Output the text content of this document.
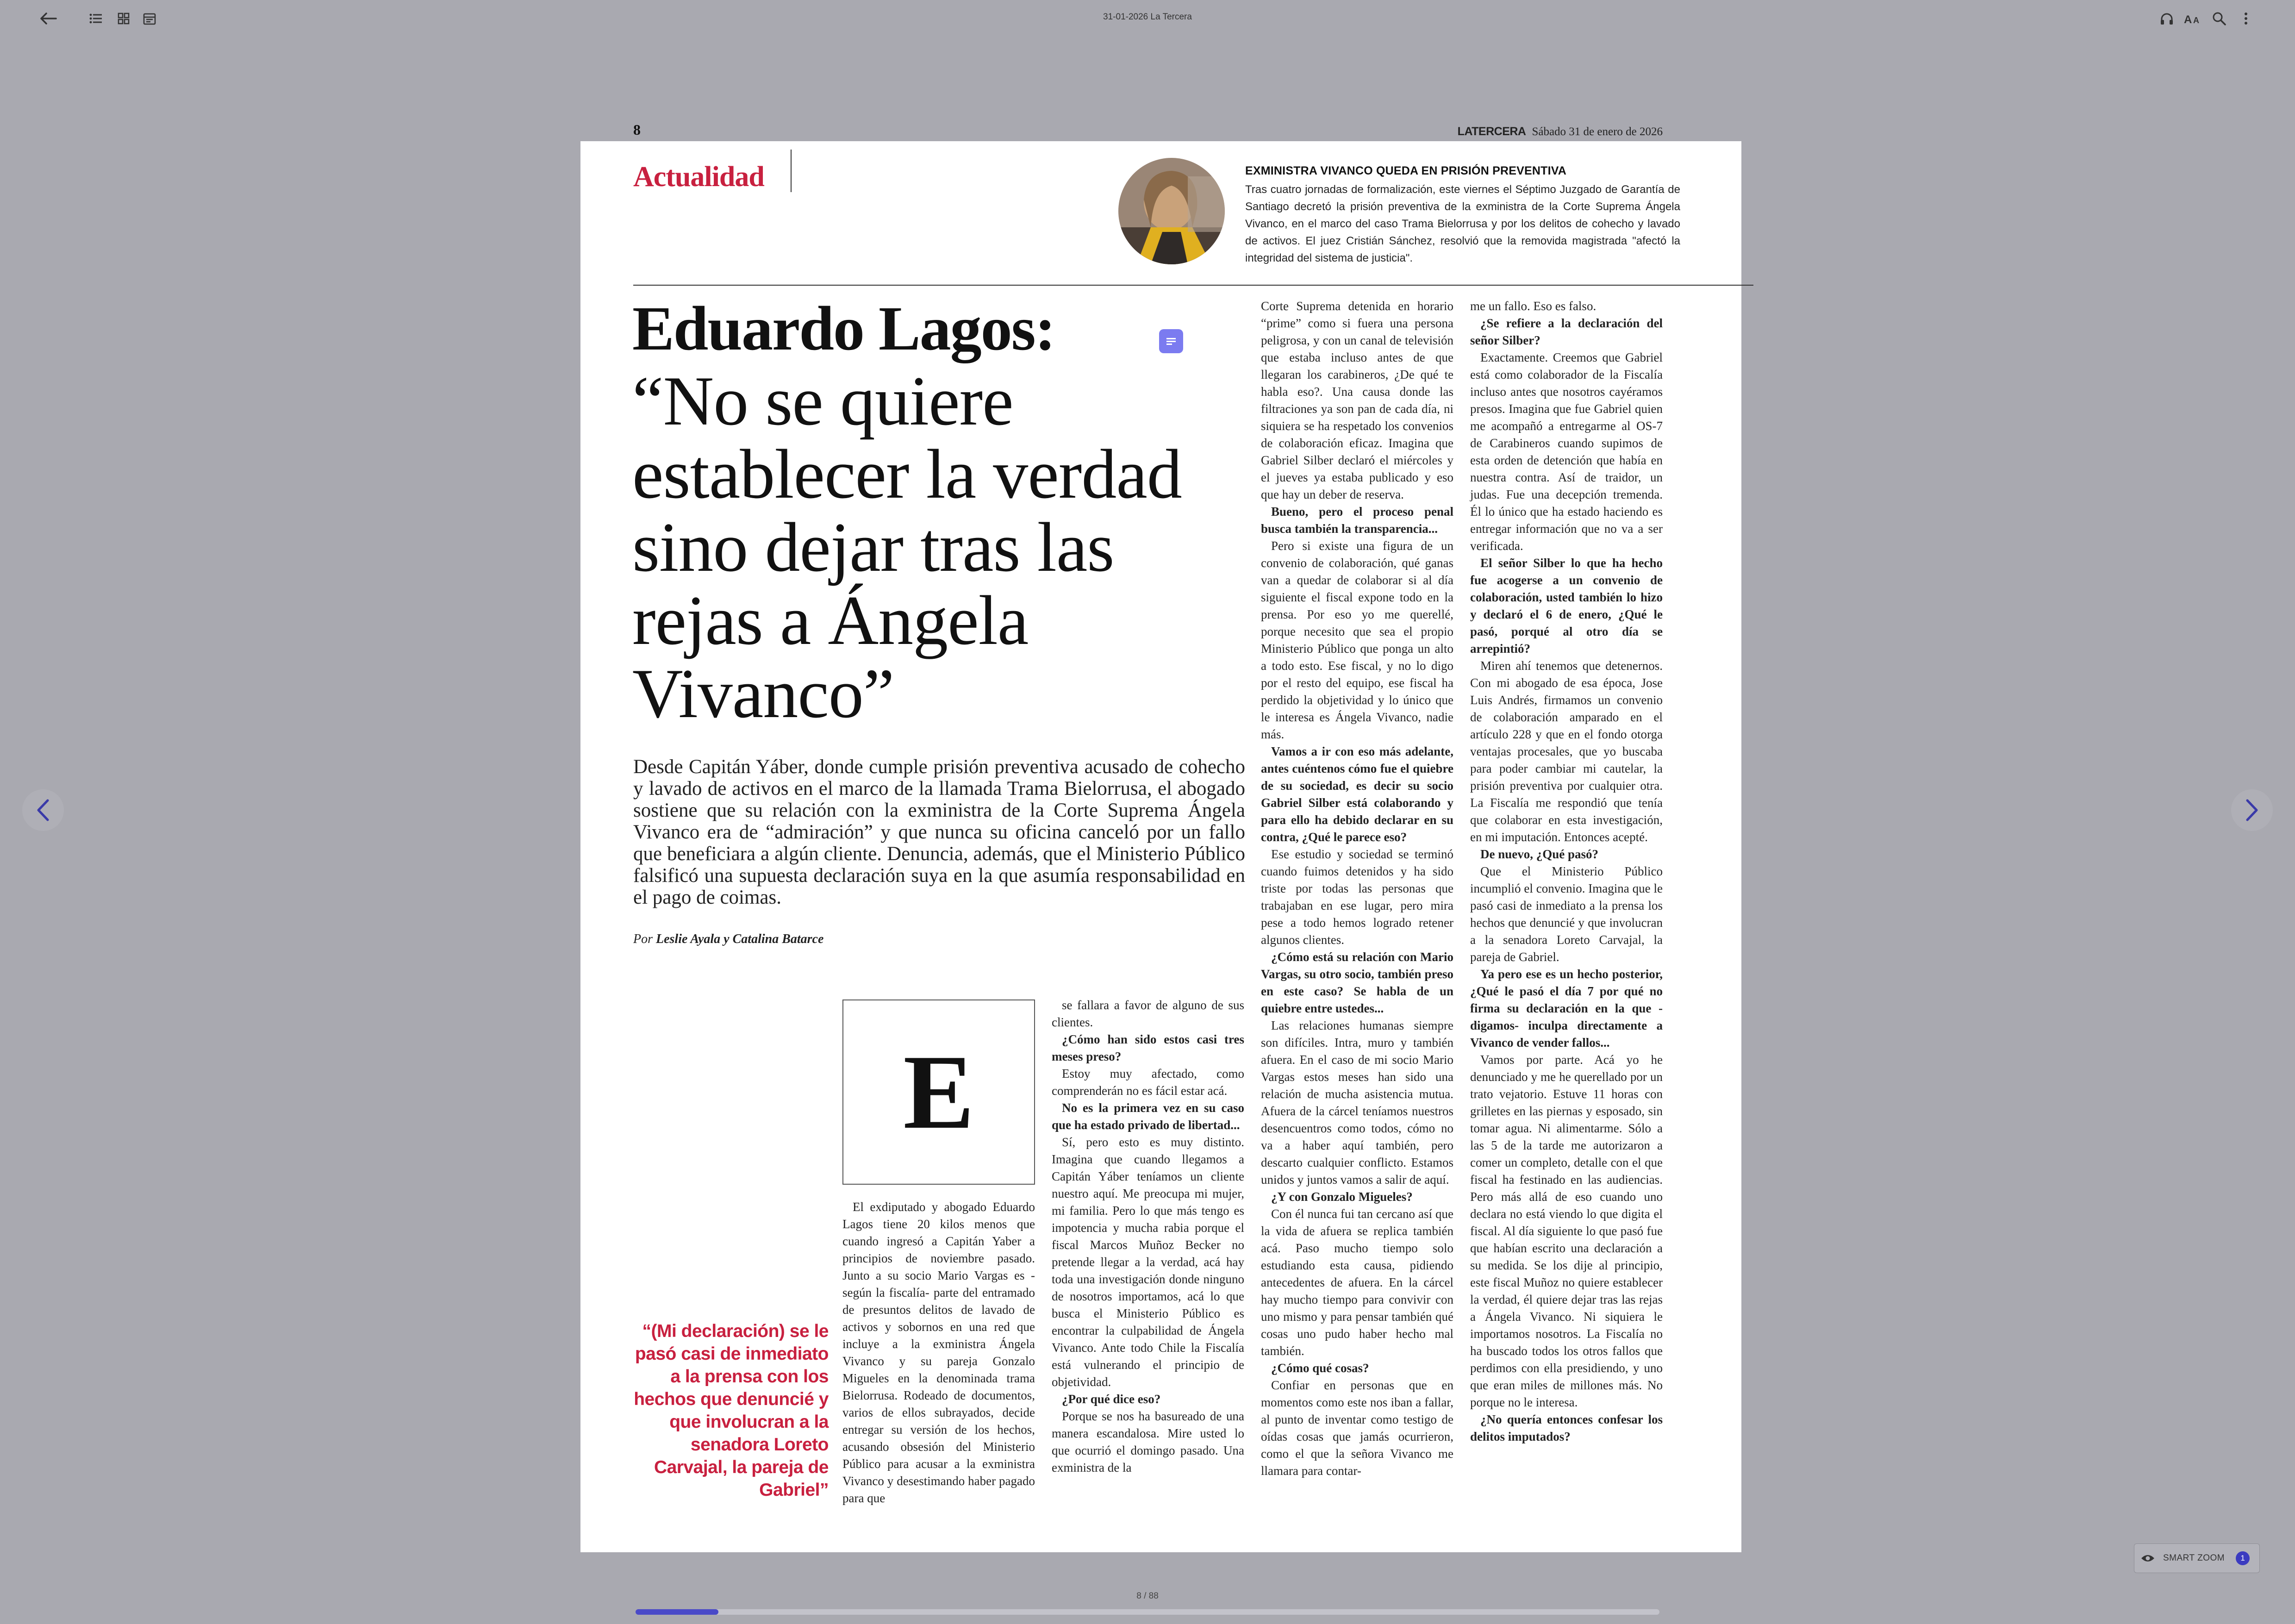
31-01-2026 La Tercera	A A
8	LATERCERA Sábado 31 de enero de 2026
Actualidad	EXMINISTRA VIVANCO QUEDA EN PRISIÓN PREVENTIVA
Tras cuatro jornadas de formalización, este viernes el Séptimo Juzgado de Garantía de Santiago decretó la prisión preventiva de la exministra de la Corte Suprema Ángela Vivanco, en el marco del caso Trama Bielorrusa y por los delitos de cohecho y lavado de activos. El juez Cristián Sánchez, resolvió que la removida magistrada "afectó la integridad del sistema de justicia".
Eduardo Lagos:
“No se quiere establecer la verdad sino dejar tras las rejas a Ángela Vivanco”
Desde Capitán Yáber, donde cumple prisión preventiva acusado de cohecho y lavado de activos en el marco de la llamada Trama Bielorrusa, el abogado sostiene que su relación con la exministra de la Corte Suprema Ángela Vivanco era de “admiración” y que nunca su oficina canceló por un fallo que beneficiara a algún cliente. Denuncia, además, que el Ministerio Público falsificó una supuesta declaración suya en la que asumía responsabilidad en el pago de coimas.
Por Leslie Ayala y Catalina Batarce
E
“(Mi declaración) se le pasó casi de inmediato a la prensa con los hechos que denuncié y que involucran a la senadora Loreto Carvajal, la pareja de Gabriel”

El exdiputado y abogado Eduardo Lagos tiene 20 kilos menos que cuando ingresó a Capitán Yaber a principios de noviembre pasado. Junto a su socio Mario Vargas es -según la fiscalía- parte del entramado de presuntos delitos de lavado de activos y sobornos en una red que incluye a la exministra Ángela Vivanco y su pareja Gonzalo Migueles en la denominada trama Bielorrusa. Rodeado de documentos, varios de ellos subrayados, decide entregar su versión de los hechos, acusando obsesión del Ministerio Público para acusar a la exministra Vivanco y desestimando haber pagado para que

se fallara a favor de alguno de sus clientes.

¿Cómo han sido estos casi tres meses preso?

Estoy muy afectado, como comprenderán no es fácil estar acá.

No es la primera vez en su caso que ha estado privado de libertad...

Sí, pero esto es muy distinto. Imagina que cuando llegamos a Capitán Yáber teníamos un cliente nuestro aquí. Me preocupa mi mujer, mi familia. Pero lo que más tengo es impotencia y mucha rabia porque el fiscal Marcos Muñoz Becker no pretende llegar a la verdad, acá hay toda una investigación donde ninguno de nosotros importamos, acá lo que busca el Ministerio Público es encontrar la culpabilidad de Ángela Vivanco. Ante todo Chile la Fiscalía está vulnerando el principio de objetividad.

¿Por qué dice eso?

Porque se nos ha basureado de una manera escandalosa. Mire usted lo que ocurrió el domingo pasado. Una exministra de la

Corte Suprema detenida en horario “prime” como si fuera una persona peligrosa, y con un canal de televisión que estaba incluso antes de que llegaran los carabineros, ¿De qué te habla eso?. Una causa donde las filtraciones ya son pan de cada día, ni siquiera se ha respetado los convenios de colaboración eficaz. Imagina que Gabriel Silber declaró el miércoles y el jueves ya estaba publicado y eso que hay un deber de reserva.

Bueno, pero el proceso penal busca también la transparencia...

Pero si existe una figura de un convenio de colaboración, qué ganas van a quedar de colaborar si al día siguiente el fiscal expone todo en la prensa. Por eso yo me querellé, porque necesito que sea el propio Ministerio Público que ponga un alto a todo esto. Ese fiscal, y no lo digo por el resto del equipo, ese fiscal ha perdido la objetividad y lo único que le interesa es Ángela Vivanco, nadie más.

Vamos a ir con eso más adelante, antes cuéntenos cómo fue el quiebre de su sociedad, es decir su socio Gabriel Silber está colaborando y para ello ha debido declarar en su contra, ¿Qué le parece eso?

Ese estudio y sociedad se terminó cuando fuimos detenidos y ha sido triste por todas las personas que trabajaban en ese lugar, pero mira pese a todo hemos logrado retener algunos clientes.

¿Cómo está su relación con Mario Vargas, su otro socio, también preso en este caso? Se habla de un quiebre entre ustedes...

Las relaciones humanas siempre son difíciles. Intra, muro y también afuera. En el caso de mi socio Mario Vargas estos meses han sido una relación de mucha asistencia mutua. Afuera de la cárcel teníamos nuestros desencuentros como todos, cómo no va a haber aquí también, pero descarto cualquier conflicto. Estamos unidos y juntos vamos a salir de aquí.

¿Y con Gonzalo Migueles?

Con él nunca fui tan cercano así que la vida de afuera se replica también acá. Paso mucho tiempo solo estudiando esta causa, pidiendo antecedentes de afuera. En la cárcel hay mucho tiempo para convivir con uno mismo y para pensar también qué cosas uno pudo haber hecho mal también.

¿Cómo qué cosas?

Confiar en personas que en momentos como este nos iban a fallar, al punto de inventar como testigo de oídas cosas que jamás ocurrieron, como el que la señora Vivanco me llamara para contar-

me un fallo. Eso es falso.

¿Se refiere a la declaración del señor Silber?

Exactamente. Creemos que Gabriel está como colaborador de la Fiscalía incluso antes que nosotros cayéramos presos. Imagina que fue Gabriel quien me acompañó a entregarme al OS-7 de Carabineros cuando supimos de esta orden de detención que había en nuestra contra. Así de traidor, un judas. Fue una decepción tremenda. Él lo único que ha estado haciendo es entregar información que no va a ser verificada.

El señor Silber lo que ha hecho fue acogerse a un convenio de colaboración, usted también lo hizo y declaró el 6 de enero, ¿Qué le pasó, porqué al otro día se arrepintió?

Miren ahí tenemos que detenernos. Con mi abogado de esa época, Jose Luis Andrés, firmamos un convenio de colaboración amparado en el artículo 228 y que en el fondo otorga ventajas procesales, que yo buscaba para poder cambiar mi cautelar, la prisión preventiva por cualquier otra. La Fiscalía me respondió que tenía que colaborar en esta investigación, en mi imputación. Entonces acepté.

De nuevo, ¿Qué pasó?

Que el Ministerio Público incumplió el convenio. Imagina que le pasó casi de inmediato a la prensa los hechos que denuncié y que involucran a la senadora Loreto Carvajal, la pareja de Gabriel.

Ya pero ese es un hecho posterior, ¿Qué le pasó el día 7 por qué no firma su declaración en la que -digamos- inculpa directamente a Vivanco de vender fallos...

Vamos por parte. Acá yo he denunciado y me he querellado por un trato vejatorio. Estuve 11 horas con grilletes en las piernas y esposado, sin tomar agua. Ni alimentarme. Sólo a las 5 de la tarde me autorizaron a comer un completo, detalle con el que fiscal ha festinado en las audiencias. Pero más allá de eso cuando uno declara no está viendo lo que digita el fiscal. Al día siguiente lo que pasó fue que habían escrito una declaración a su medida. Se los dije al principio, este fiscal Muñoz no quiere establecer la verdad, él quiere dejar tras las rejas a Ángela Vivanco. Ni siquiera le importamos nosotros. La Fiscalía no ha buscado todos los otros fallos que perdimos con ella presidiendo, y uno que eran miles de millones más. No porque no le interesa.

¿No quería entonces confesar los delitos imputados?

SMART ZOOM	1
8 / 88
